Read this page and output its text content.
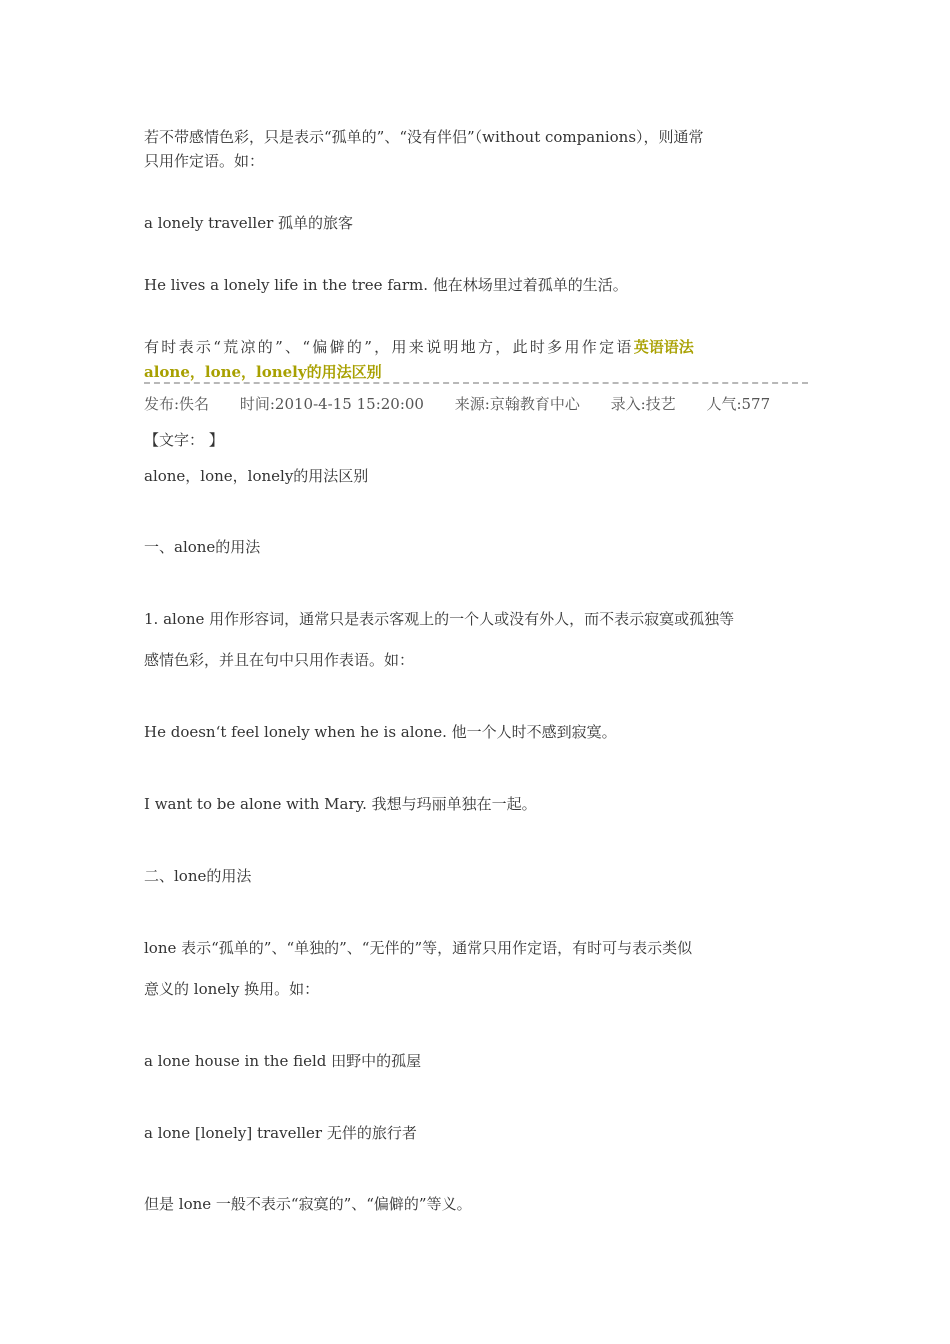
若不带感情色彩，只是表示“孤单的”、“没有伴侣”（without companions），则通常
只用作定语。如：
a lonely traveller 孤单的旅客
He lives a lonely life in the tree farm. 他在林场里过着孤单的生活。
有时表示“荒凉的”、“偏僻的”，用来说明地方，此时多用作定语英语语法
alone，lone，lonely的用法区别
发布:佚名 时间:2010-4-15 15:20:00 来源:京翰教育中心 录入:技艺 人气:577
【文字： 】
alone，lone，lonely的用法区别
一、alone的用法
1. alone 用作形容词，通常只是表示客观上的一个人或没有外人，而不表示寂寞或孤独等
感情色彩，并且在句中只用作表语。如：
He doesn‘t feel lonely when he is alone. 他一个人时不感到寂寞。
I want to be alone with Mary. 我想与玛丽单独在一起。
二、lone的用法
lone 表示“孤单的”、“单独的”、“无伴的”等，通常只用作定语，有时可与表示类似
意义的 lonely 换用。如：
a lone house in the field 田野中的孤屋
a lone [lonely] traveller 无伴的旅行者
但是 lone 一般不表示“寂寞的”、“偏僻的”等义。
